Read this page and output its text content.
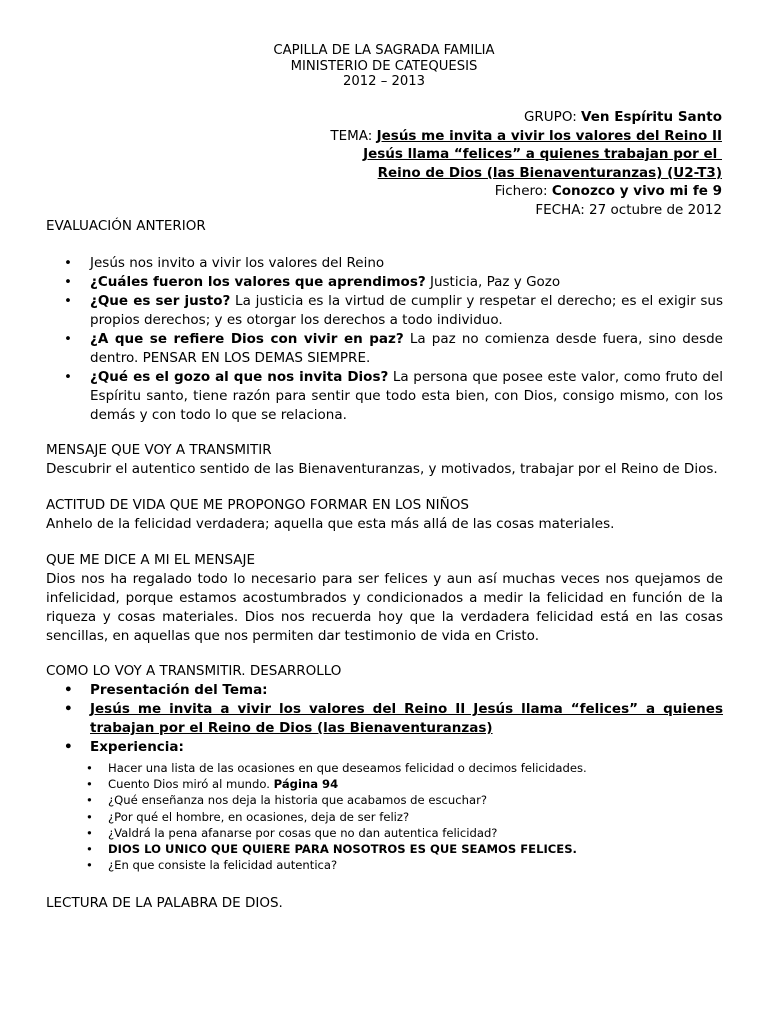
CAPILLA DE LA SAGRADA FAMILIA
MINISTERIO DE CATEQUESIS
2012 – 2013
GRUPO: Ven Espíritu Santo
TEMA: Jesús me invita a vivir los valores del Reino II
Jesús llama “felices” a quienes trabajan por el
Reino de Dios (las Bienaventuranzas) (U2-T3)
Fichero: Conozco y vivo mi fe 9
FECHA: 27 octubre de 2012
EVALUACIÓN ANTERIOR
• Jesús nos invito a vivir los valores del Reino
• ¿Cuáles fueron los valores que aprendimos? Justicia, Paz y Gozo
• ¿Que es ser justo? La justicia es la virtud de cumplir y respetar el derecho; es el exigir sus propios derechos; y es otorgar los derechos a todo individuo.
• ¿A que se refiere Dios con vivir en paz? La paz no comienza desde fuera, sino desde dentro. PENSAR EN LOS DEMAS SIEMPRE.
• ¿Qué es el gozo al que nos invita Dios? La persona que posee este valor, como fruto del Espíritu santo, tiene razón para sentir que todo esta bien, con Dios, consigo mismo, con los demás y con todo lo que se relaciona.
MENSAJE QUE VOY A TRANSMITIR

Descubrir el autentico sentido de las Bienaventuranzas, y motivados, trabajar por el Reino de Dios.

ACTITUD DE VIDA QUE ME PROPONGO FORMAR EN LOS NIÑOS

Anhelo de la felicidad verdadera; aquella que esta más allá de las cosas materiales.

QUE ME DICE A MI EL MENSAJE

Dios nos ha regalado todo lo necesario para ser felices y aun así muchas veces nos quejamos de infelicidad, porque estamos acostumbrados y condicionados a medir la felicidad en función de la riqueza y cosas materiales. Dios nos recuerda hoy que la verdadera felicidad está en las cosas sencillas, en aquellas que nos permiten dar testimonio de vida en Cristo.

COMO LO VOY A TRANSMITIR. DESARROLLO
• Presentación del Tema:
• Jesús me invita a vivir los valores del Reino II Jesús llama “felices” a quienes trabajan por el Reino de Dios (las Bienaventuranzas)
• Experiencia:
• Hacer una lista de las ocasiones en que deseamos felicidad o decimos felicidades.
• Cuento Dios miró al mundo. Página 94
• ¿Qué enseñanza nos deja la historia que acabamos de escuchar?
• ¿Por qué el hombre, en ocasiones, deja de ser feliz?
• ¿Valdrá la pena afanarse por cosas que no dan autentica felicidad?
• DIOS LO UNICO QUE QUIERE PARA NOSOTROS ES QUE SEAMOS FELICES.
• ¿En que consiste la felicidad autentica?
LECTURA DE LA PALABRA DE DIOS.
